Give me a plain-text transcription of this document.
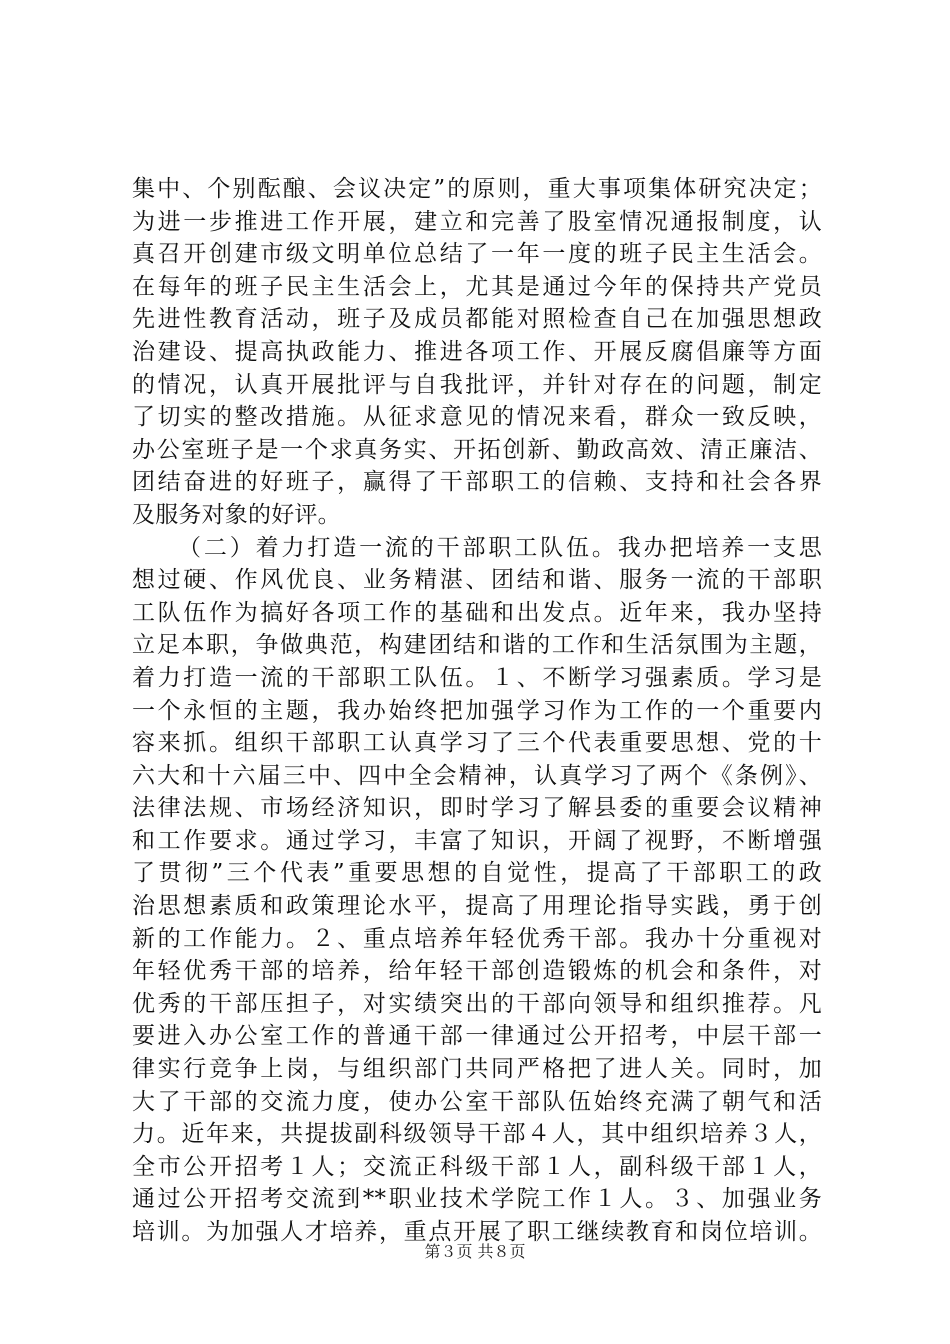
集中、个别酝酿、会议决定”的原则，重大事项集体研究决定；
为进一步推进工作开展，建立和完善了股室情况通报制度，认
真召开创建市级文明单位总结了一年一度的班子民主生活会。
在每年的班子民主生活会上，尤其是通过今年的保持共产党员
先进性教育活动，班子及成员都能对照检查自己在加强思想政
治建设、提高执政能力、推进各项工作、开展反腐倡廉等方面
的情况，认真开展批评与自我批评，并针对存在的问题，制定
了切实的整改措施。从征求意见的情况来看，群众一致反映，
办公室班子是一个求真务实、开拓创新、勤政高效、清正廉洁、
团结奋进的好班子，赢得了干部职工的信赖、支持和社会各界
及服务对象的好评。
（二）着力打造一流的干部职工队伍。我办把培养一支思
想过硬、作风优良、业务精湛、团结和谐、服务一流的干部职
工队伍作为搞好各项工作的基础和出发点。近年来，我办坚持
立足本职，争做典范，构建团结和谐的工作和生活氛围为主题，
着力打造一流的干部职工队伍。１、不断学习强素质。学习是
一个永恒的主题，我办始终把加强学习作为工作的一个重要内
容来抓。组织干部职工认真学习了三个代表重要思想、党的十
六大和十六届三中、四中全会精神，认真学习了两个《条例》、
法律法规、市场经济知识，即时学习了解县委的重要会议精神
和工作要求。通过学习，丰富了知识，开阔了视野，不断增强
了贯彻”三个代表”重要思想的自觉性，提高了干部职工的政
治思想素质和政策理论水平，提高了用理论指导实践，勇于创
新的工作能力。２、重点培养年轻优秀干部。我办十分重视对
年轻优秀干部的培养，给年轻干部创造锻炼的机会和条件，对
优秀的干部压担子，对实绩突出的干部向领导和组织推荐。凡
要进入办公室工作的普通干部一律通过公开招考，中层干部一
律实行竞争上岗，与组织部门共同严格把了进人关。同时，加
大了干部的交流力度，使办公室干部队伍始终充满了朝气和活
力。近年来，共提拔副科级领导干部４人，其中组织培养３人，
全市公开招考１人；交流正科级干部１人，副科级干部１人，
通过公开招考交流到**职业技术学院工作１人。３、加强业务
培训。为加强人才培养，重点开展了职工继续教育和岗位培训。
第３页 共８页
